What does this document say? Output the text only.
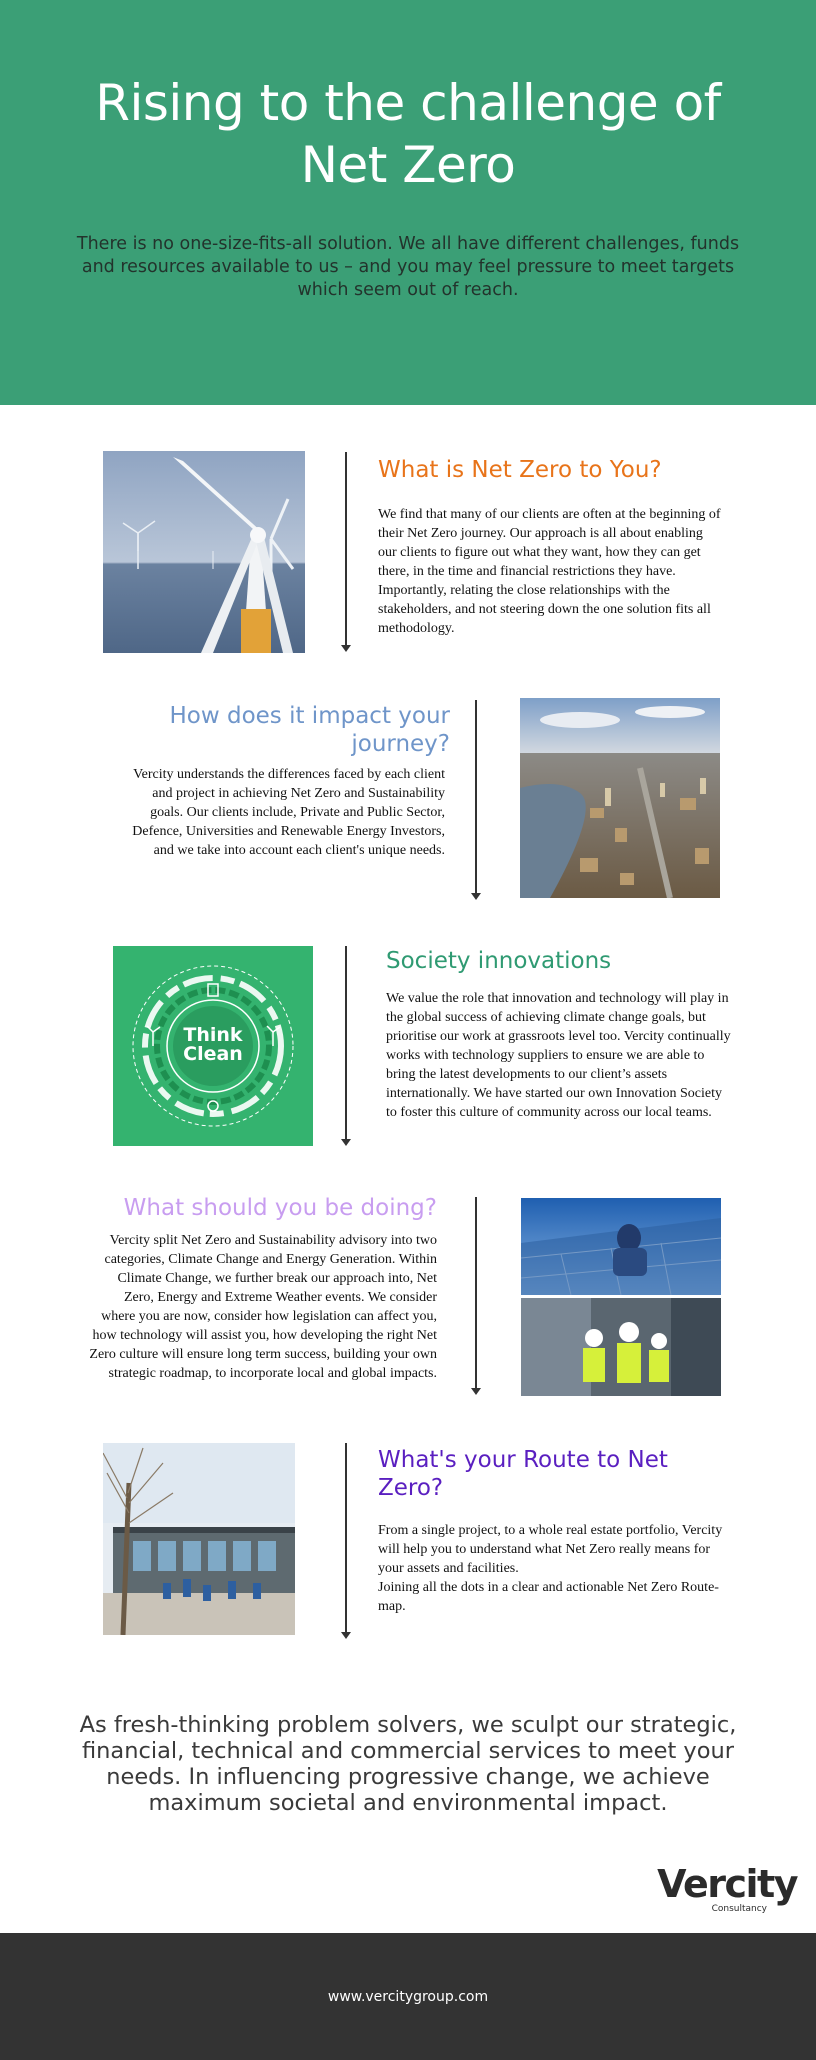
Rising to the challenge of Net Zero

There is no one-size-fits-all solution. We all have different challenges, funds and resources available to us – and you may feel pressure to meet targets which seem out of reach.

What is Net Zero to You?
We find that many of our clients are often at the beginning of their Net Zero journey. Our approach is all about enabling our clients to figure out what they want, how they can get there, in the time and financial restrictions they have. Importantly, relating the close relationships with the stakeholders, and not steering down the one solution fits all methodology.
How does it impact your journey?
Vercity understands the differences faced by each client and project in achieving Net Zero and Sustainability goals. Our clients include, Private and Public Sector, Defence, Universities and Renewable Energy Investors, and we take into account each client's unique needs.
Think
Clean
Society innovations
We value the role that innovation and technology will play in the global success of achieving climate change goals, but prioritise our work at grassroots level too. Vercity continually works with technology suppliers to ensure we are able to bring the latest developments to our client’s assets internationally. We have started our own Innovation Society to foster this culture of community across our local teams.
What should you be doing?
Vercity split Net Zero and Sustainability advisory into two categories, Climate Change and Energy Generation. Within Climate Change, we further break our approach into, Net Zero, Energy and Extreme Weather events. We consider where you are now, consider how legislation can affect you, how technology will assist you, how developing the right Net Zero culture will ensure long term success, building your own strategic roadmap, to incorporate local and global impacts.
What's your Route to Net Zero?
From a single project, to a whole real estate portfolio, Vercity will help you to understand what Net Zero really means for your assets and facilities.
Joining all the dots in a clear and actionable Net Zero Route-map.
As fresh-thinking problem solvers, we sculpt our strategic, financial, technical and commercial services to meet your needs. In influencing progressive change, we achieve maximum societal and environmental impact.
Vercity
Consultancy
www.vercitygroup.com
